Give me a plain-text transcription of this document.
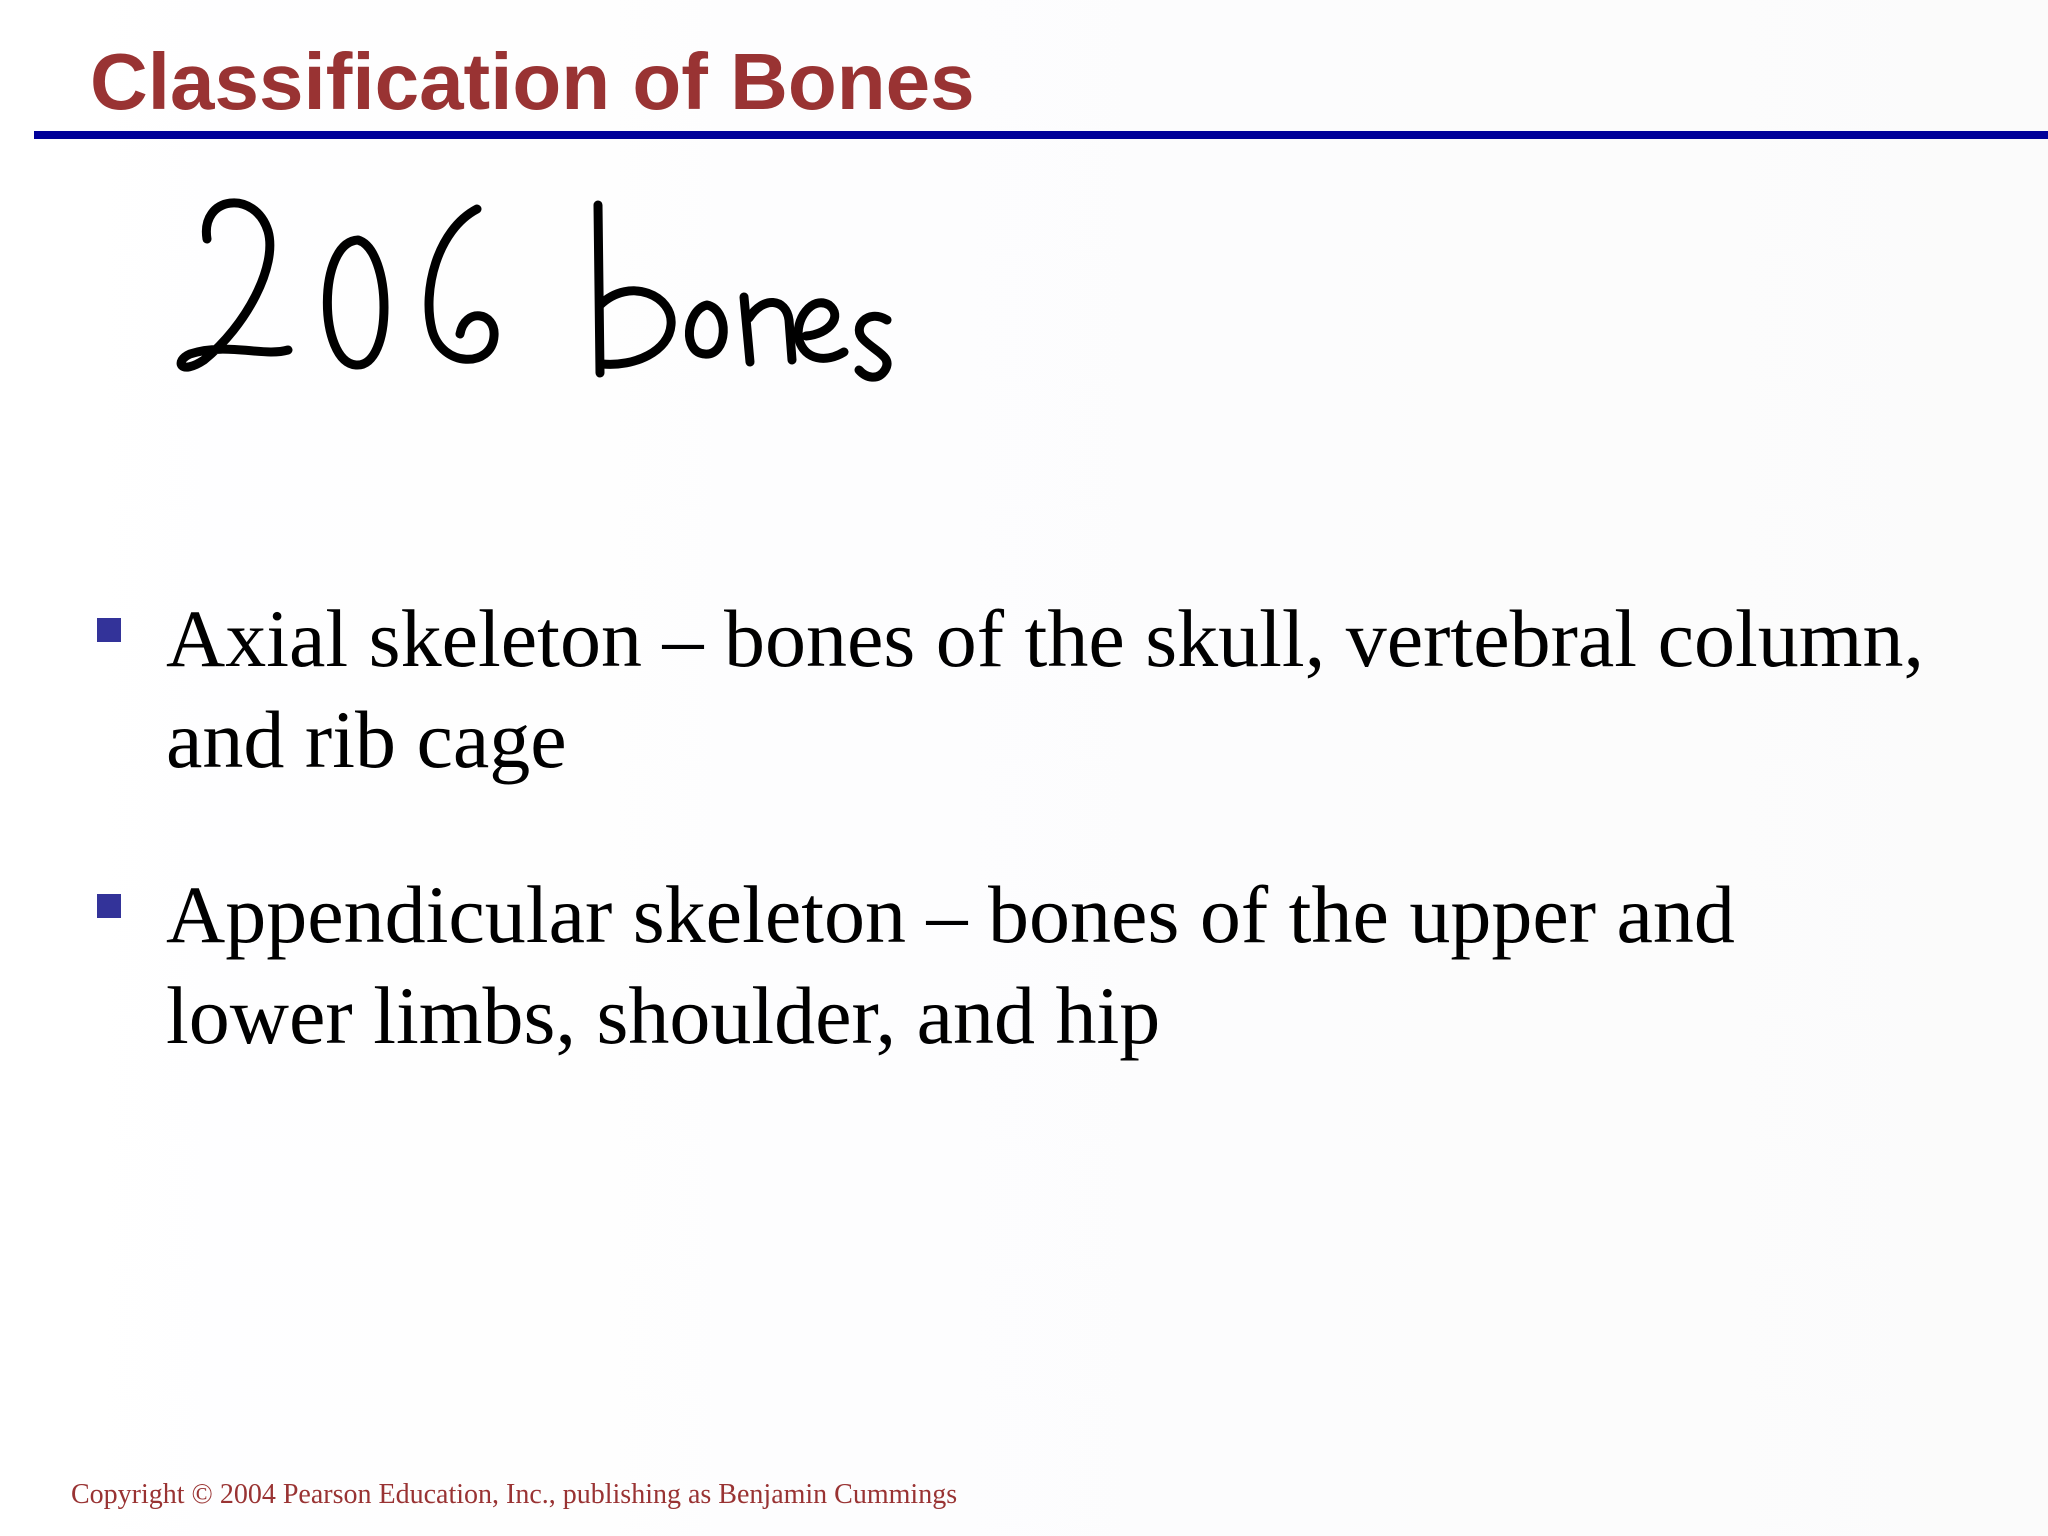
Classification of Bones
Axial skeleton – bones of the skull, vertebral column, and rib cage
Appendicular skeleton – bones of the upper and lower limbs, shoulder, and hip
Copyright © 2004 Pearson Education, Inc., publishing as Benjamin Cummings
